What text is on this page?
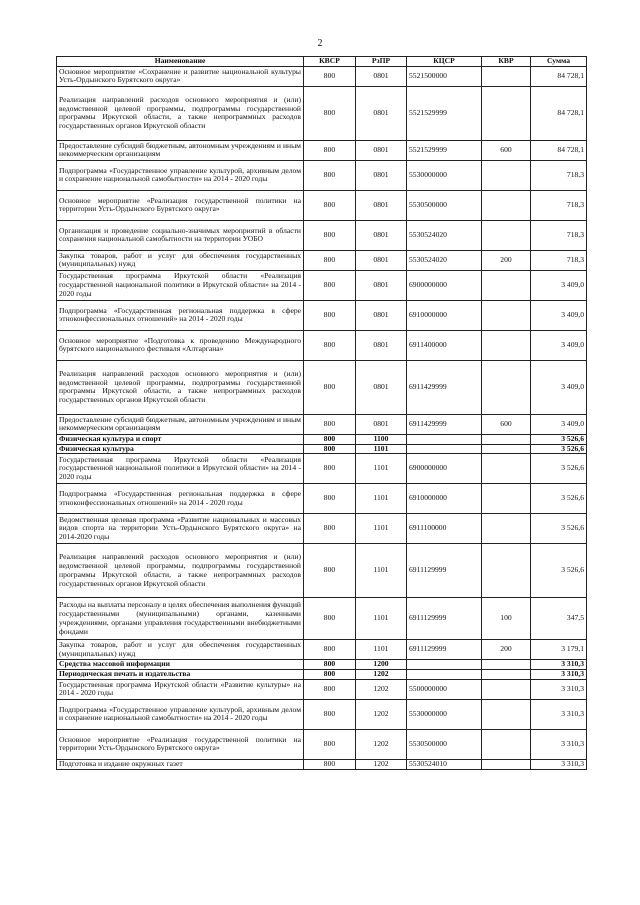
2
Наименование	КВСР	РзПР	КЦСР	КВР	Сумма
Основное мероприятие «Сохранение и развитие национальной культуры Усть-Ордынского Бурятского округа»	800	0801	5521500000		84 728,1
Реализация направлений расходов основного мероприятия и (или) ведомственной целевой программы, подпрограммы государственной программы Иркутской области, а также непрограммных расходов государственных органов Иркутской области	800	0801	5521529999		84 728,1
Предоставление субсидий бюджетным, автономным учреждениям и иным некоммерческим организациям	800	0801	5521529999	600	84 728,1
Подпрограмма «Государственное управление культурой, архивным делом и сохранение национальной самобытности» на 2014 - 2020 годы	800	0801	5530000000		718,3
Основное мероприятие «Реализация государственной политики на территории Усть-Ордынского Бурятского округа»	800	0801	5530500000		718,3
Организация и проведение социально-значимых мероприятий в области сохранения национальной самобытности на территории УОБО	800	0801	5530524020		718,3
Закупка товаров, работ и услуг для обеспечения государственных (муниципальных) нужд	800	0801	5530524020	200	718,3
Государственная программа Иркутской области «Реализация государственной национальной политики в Иркутской области» на 2014 - 2020 годы	800	0801	6900000000		3 409,0
Подпрограмма «Государственная региональная поддержка в сфере этноконфессиональных отношений» на 2014 - 2020 годы	800	0801	6910000000		3 409,0
Основное мероприятие «Подготовка к проведению Международного бурятского национального фестиваля «Алтаргана»	800	0801	6911400000		3 409,0
Реализация направлений расходов основного мероприятия и (или) ведомственной целевой программы, подпрограммы государственной программы Иркутской области, а также непрограммных расходов государственных органов Иркутской области	800	0801	6911429999		3 409,0
Предоставление субсидий бюджетным, автономным учреждениям и иным некоммерческим организациям	800	0801	6911429999	600	3 409,0
Физическая культура и спорт	800	1100			3 526,6
Физическая культура	800	1101			3 526,6
Государственная программа Иркутской области «Реализация государственной национальной политики в Иркутской области» на 2014 - 2020 годы	800	1101	6900000000		3 526,6
Подпрограмма «Государственная региональная поддержка в сфере этноконфессиональных отношений» на 2014 - 2020 годы	800	1101	6910000000		3 526,6
Ведомственная целевая программа «Развитие национальных и массовых видов спорта на территории Усть-Ордынского Бурятского округа» на 2014-2020 годы	800	1101	6911100000		3 526,6
Реализация направлений расходов основного мероприятия и (или) ведомственной целевой программы, подпрограммы государственной программы Иркутской области, а также непрограммных расходов государственных органов Иркутской области	800	1101	6911129999		3 526,6
Расходы на выплаты персоналу в целях обеспечения выполнения функций государственными (муниципальными) органами, казенными учреждениями, органами управления государственными внебюджетными фондами	800	1101	6911129999	100	347,5
Закупка товаров, работ и услуг для обеспечения государственных (муниципальных) нужд	800	1101	6911129999	200	3 179,1
Средства массовой информации	800	1200			3 310,3
Периодическая печать и издательства	800	1202			3 310,3
Государственная программа Иркутской области «Развитие культуры» на 2014 - 2020 годы	800	1202	5500000000		3 310,3
Подпрограмма «Государственное управление культурой, архивным делом и сохранение национальной самобытности» на 2014 - 2020 годы	800	1202	5530000000		3 310,3
Основное мероприятие «Реализация государственной политики на территории Усть-Ордынского Бурятского округа»	800	1202	5530500000		3 310,3
Подготовка и издание окружных газет	800	1202	5530524010		3 310,3
